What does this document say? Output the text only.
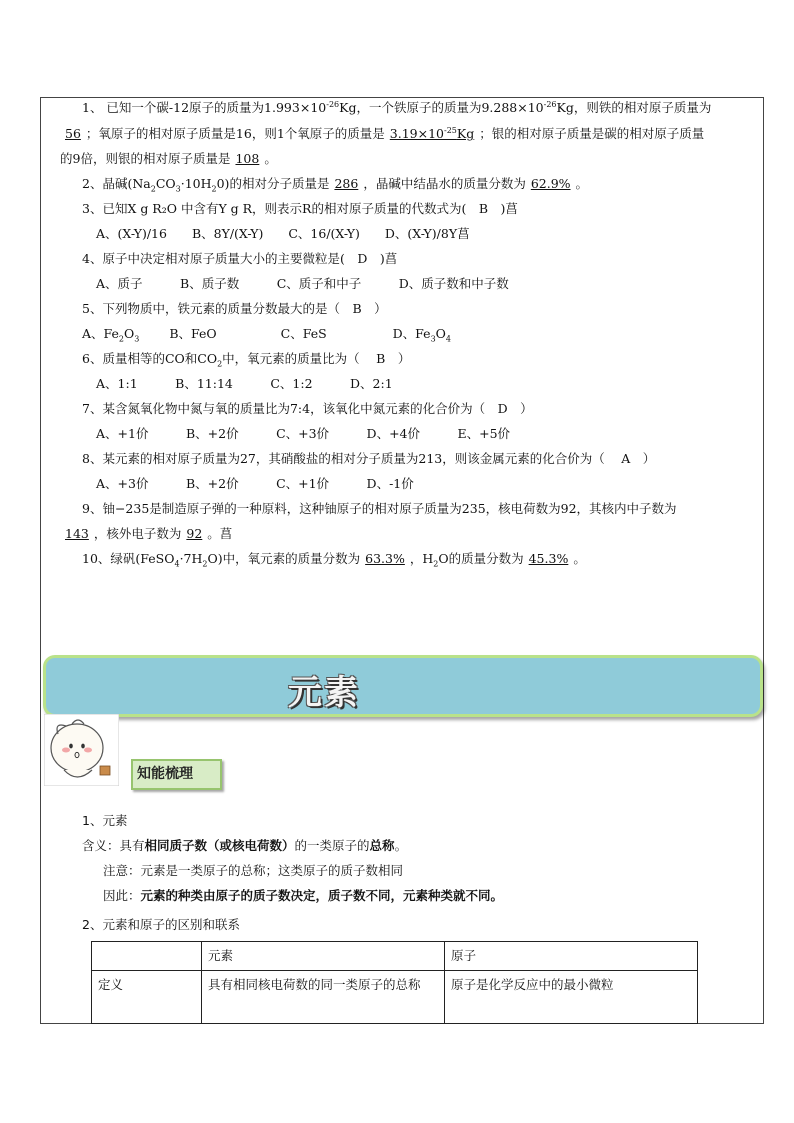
1、 已知一个碳-12原子的质量为$1.993\times 10^{-26}Kg$，一个铁原子的质量为$9.288\times 10^{-26}Kg$，则铁的相对原子质量为
56 ；氧原子的相对原子质量是16，则1个氧原子的质量是 $3.19\times 10^{-25}Kg$ ；银的相对原子质量是碳的相对原子质量
的9倍，则银的相对原子质量是 108 。
2、晶碱$(Na_2CO_3\cdot 10H_20)$的相对分子质量是 286 ，晶碱中结晶水的质量分数为 62.9% 。
3、已知X g R₂O 中含有Y g R，则表示R的相对原子质量的代数式为(　B　)菖
A、(X-Y)/16　　B、8Y/(X-Y)　　C、16/(X-Y)　　D、(X-Y)/8Y菖
4、原子中决定相对原子质量大小的主要微粒是(　D　)菖
A、质子　　　B、质子数　　　C、质子和中子　　　D、质子数和中子数
5、下列物质中，铁元素的质量分数最大的是（　B　）
A、$Fe_2O_3$ B、FeO	C、FeS	D、$Fe_3O_4$
6、质量相等的CO和$CO_2$中，氧元素的质量比为（　 B　）
A、1:1　　　B、11:14　　　C、1:2　　　D、2:1
7、某含氮氧化物中氮与氧的质量比为7:4，该氧化中氮元素的化合价为（　D　）
A、+1价　　　B、+2价　　　C、+3价　　　D、+4价　　　E、+5价
8、某元素的相对原子质量为27，其硝酸盐的相对分子质量为213，则该金属元素的化合价为（　 A　）
A、+3价　　　B、+2价　　　C、+1价　　　D、-1价
9、铀−235是制造原子弹的一种原料，这种铀原子的相对原子质量为235，核电荷数为92，其核内中子数为
143 ，核外电子数为 92 。菖
10、绿矾$(FeSO_4\cdot 7H_2O)$中，氧元素的质量分数为 63.3% ，$H_2O$的质量分数为 45.3% 。
元素
知能梳理
1、元素
含义：具有相同质子数（或核电荷数）的一类原子的总称。
注意：元素是一类原子的总称；这类原子的质子数相同
因此：元素的种类由原子的质子数决定，质子数不同，元素种类就不同。
2、元素和原子的区别和联系
	元素	原子
定义	具有相同核电荷数的同一类原子的总称	原子是化学反应中的最小微粒
